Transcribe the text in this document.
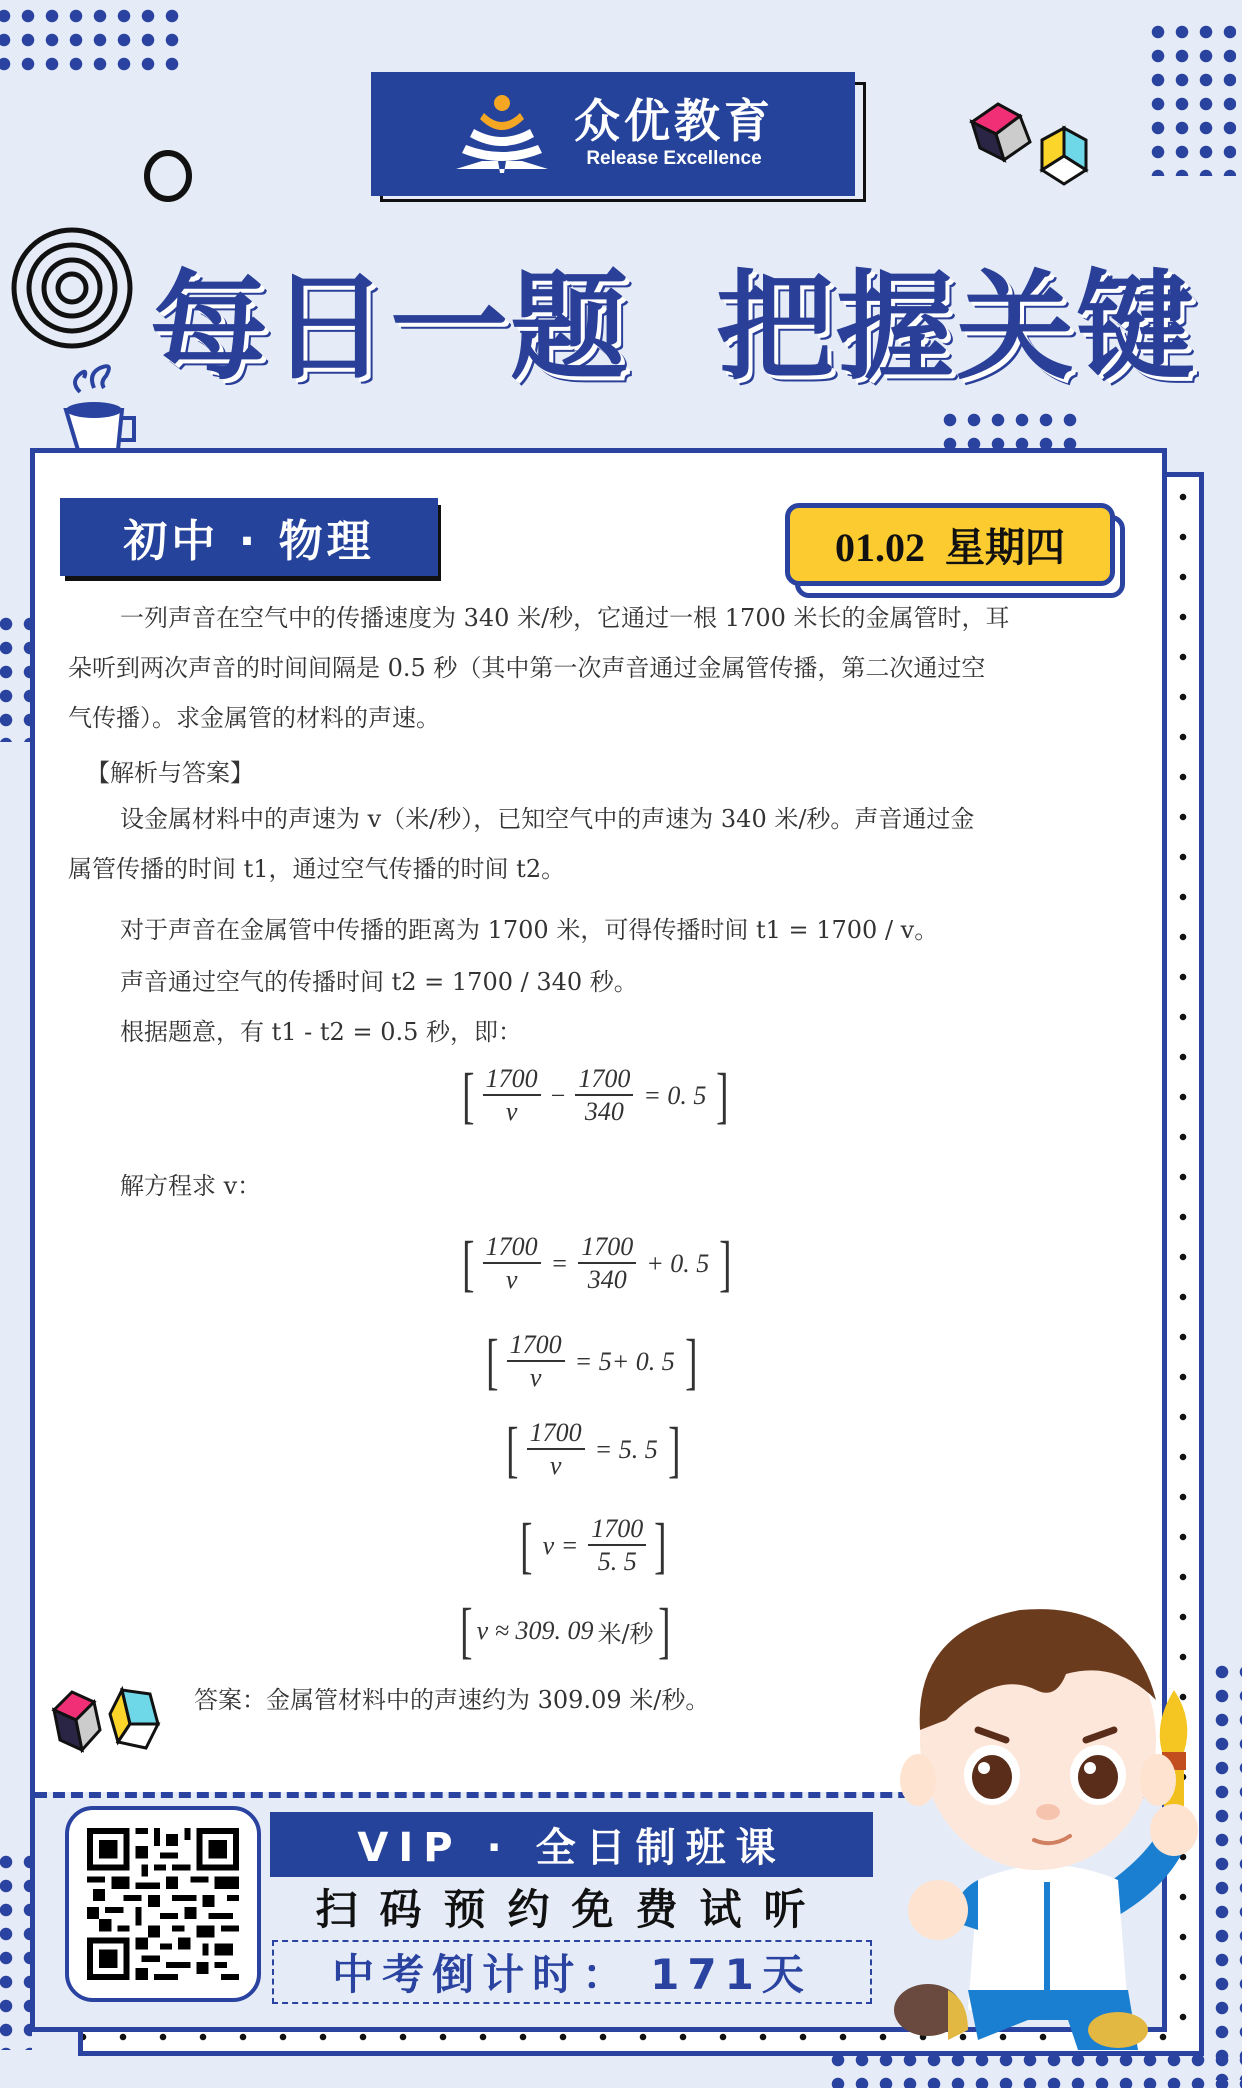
众优教育
Release Excellence
每日一题  把握关键
初中 · 物理	01.02  星期四
一列声音在空气中的传播速度为 340 米/秒，它通过一根 1700 米长的金属管时，耳
朵听到两次声音的时间间隔是 0.5 秒（其中第一次声音通过金属管传播，第二次通过空
气传播）。求金属管的材料的声速。
【解析与答案】
设金属材料中的声速为 v（米/秒），已知空气中的声速为 340 米/秒。声音通过金
属管传播的时间 t1，通过空气传播的时间 t2。
对于声音在金属管中传播的距离为 1700 米，可得传播时间 t1 = 1700 / v。
声音通过空气的传播时间 t2 = 1700 / 340 秒。
根据题意，有 t1 - t2 = 0.5 秒，即：
[ $\frac{1700}{v} - \frac{1700}{340} = 0$. 5 ]
解方程求 v：
[ $\frac{1700}{v} = \frac{1700}{340} + 0$. 5 ]
[ $\frac{1700}{v} = 5+ 0$. 5 ]
[ $\frac{1700}{v} = 5$. 5 ]
[ $v = \frac{1700}{5. 5}$ ]
[ v ≈ 309. 09 米/秒 ]
答案：金属管材料中的声速约为 309.09 米/秒。
VIP · 全日制班课
扫码预约免费试听
中考倒计时： 171天
